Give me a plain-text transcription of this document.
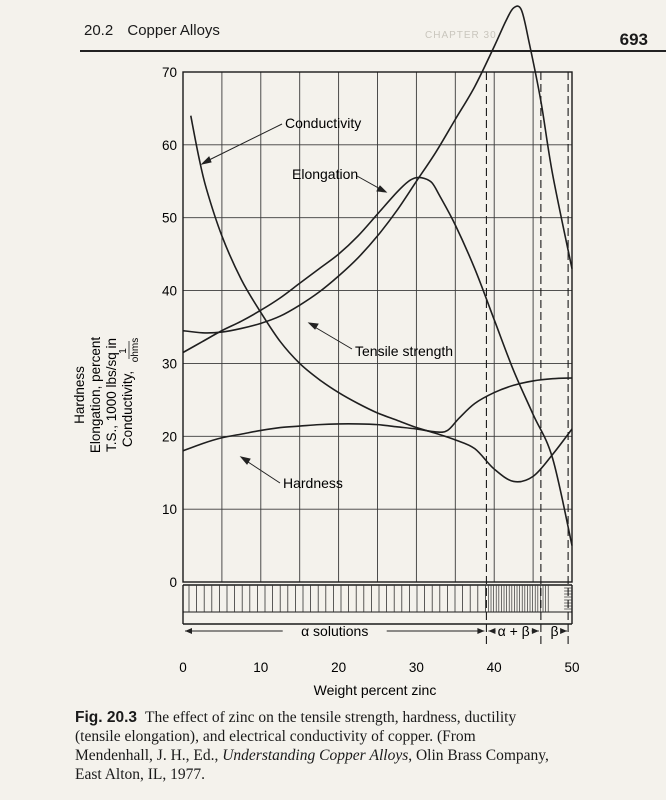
20.2 Copper Alloys	CHAPTER 30	693
α solutions	α + β β
0
10
20
30
40
50
60
70
0	10	20	30	40	50
Conductivity
Elongation
Tensile strength
Hardness
Hardness Elongation, percent T.S., 1000 lbs/sq in Conductivity,
1 ohms
Weight percent zinc
Fig. 20.3 The effect of zinc on the tensile strength, hardness, ductility (tensile elongation), and electrical conductivity of copper. (From Mendenhall, J. H., Ed., Understanding Copper Alloys, Olin Brass Company, East Alton, IL, 1977.
